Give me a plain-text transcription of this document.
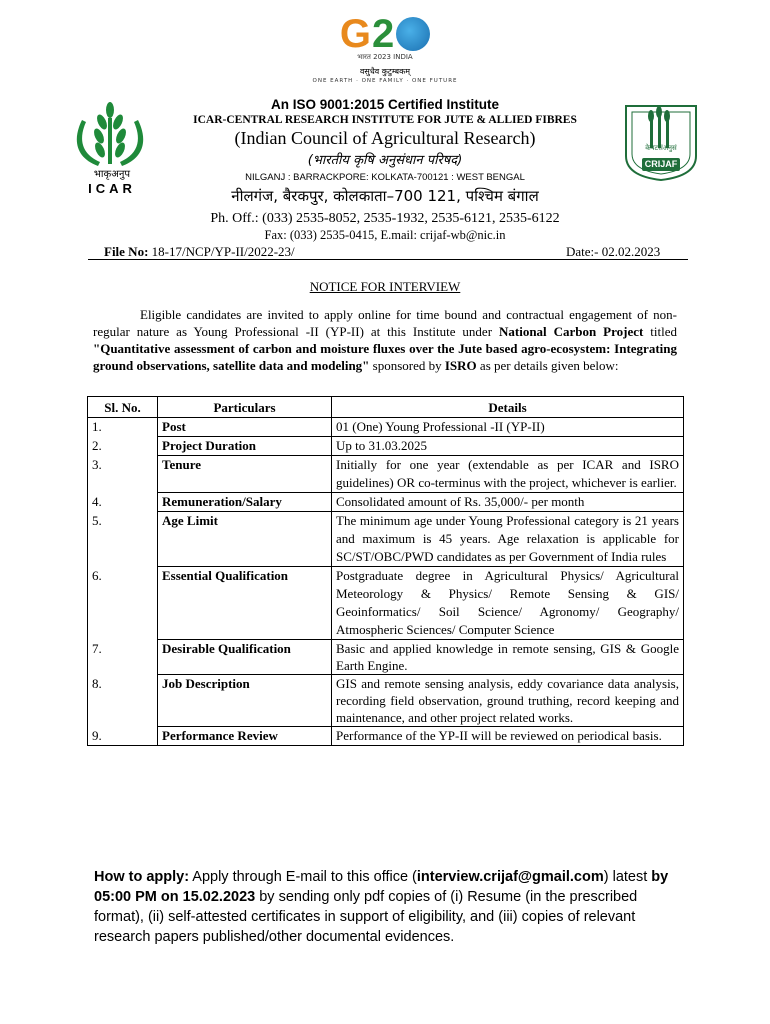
G2
भारत 2023 INDIA
वसुधैव कुटुम्बकम्
ONE EARTH · ONE FAMILY · ONE FUTURE
भाकृअनुप
ICAR
केपटसंअनुसं
CRIJAF
An ISO 9001:2015 Certified Institute
ICAR-CENTRAL RESEARCH INSTITUTE FOR JUTE & ALLIED FIBRES
(Indian Council of Agricultural Research)
(भारतीय कृषि अनुसंधान परिषद)
NILGANJ : BARRACKPORE: KOLKATA-700121 : WEST BENGAL
नीलगंज, बैरकपुर, कोलकाता–700 121, पश्चिम बंगाल
Ph. Off.: (033) 2535-8052, 2535-1932, 2535-6121, 2535-6122
Fax: (033) 2535-0415, E.mail: crijaf-wb@nic.in
File No: 18-17/NCP/YP-II/2022-23/	Date:- 02.02.2023
NOTICE FOR INTERVIEW
Eligible candidates are invited to apply online for time bound and contractual engagement of non-regular nature as Young Professional -II (YP-II) at this Institute under National Carbon Project titled "Quantitative assessment of carbon and moisture fluxes over the Jute based agro-ecosystem: Integrating ground observations, satellite data and modeling" sponsored by ISRO as per details given below:
Sl. No.	Particulars	Details
1.	Post	01 (One) Young Professional -II (YP-II)
2.	Project Duration	Up to 31.03.2025
3.	Tenure	Initially for one year (extendable as per ICAR and ISRO guidelines) OR co-terminus with the project, whichever is earlier.
4.	Remuneration/Salary	Consolidated amount of Rs. 35,000/- per month
5.	Age Limit	The minimum age under Young Professional category is 21 years and maximum is 45 years. Age relaxation is applicable for SC/ST/OBC/PWD candidates as per Government of India rules
6.	Essential Qualification	Postgraduate degree in Agricultural Physics/ Agricultural Meteorology & Physics/ Remote Sensing & GIS/ Geoinformatics/ Soil Science/ Agronomy/ Geography/ Atmospheric Sciences/ Computer Science
7.	Desirable Qualification	Basic and applied knowledge in remote sensing, GIS & Google Earth Engine.
8.	Job Description	GIS and remote sensing analysis, eddy covariance data analysis, recording field observation, ground truthing, record keeping and maintenance, and other project related works.
9.	Performance Review	Performance of the YP-II will be reviewed on periodical basis.
How to apply: Apply through E-mail to this office (interview.crijaf@gmail.com) latest by 05:00 PM on 15.02.2023 by sending only pdf copies of (i) Resume (in the prescribed format), (ii) self-attested certificates in support of eligibility, and (iii) copies of relevant research papers published/other documental evidences.
